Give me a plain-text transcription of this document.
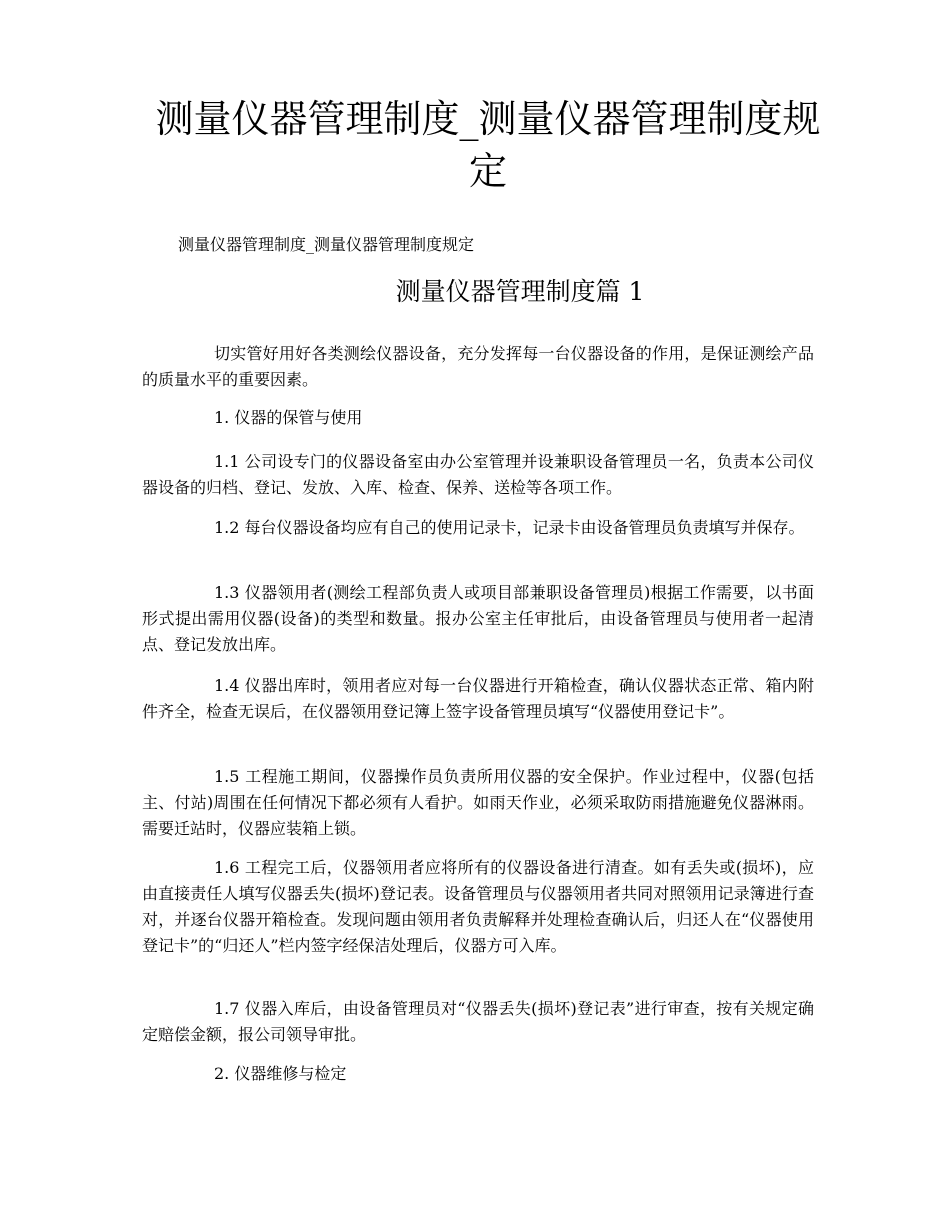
测量仪器管理制度_测量仪器管理制度规定

测量仪器管理制度_测量仪器管理制度规定

测量仪器管理制度篇 1

切实管好用好各类测绘仪器设备，充分发挥每一台仪器设备的作用，是保证测绘产品的质量水平的重要因素。

1. 仪器的保管与使用

1.1 公司设专门的仪器设备室由办公室管理并设兼职设备管理员一名，负责本公司仪器设备的归档、登记、发放、入库、检查、保养、送检等各项工作。

1.2 每台仪器设备均应有自己的使用记录卡，记录卡由设备管理员负责填写并保存。

1.3 仪器领用者(测绘工程部负责人或项目部兼职设备管理员)根据工作需要，以书面形式提出需用仪器(设备)的类型和数量。报办公室主任审批后，由设备管理员与使用者一起清点、登记发放出库。

1.4 仪器出库时，领用者应对每一台仪器进行开箱检查，确认仪器状态正常、箱内附件齐全，检查无误后，在仪器领用登记簿上签字设备管理员填写“仪器使用登记卡”。

1.5 工程施工期间，仪器操作员负责所用仪器的安全保护。作业过程中，仪器(包括主、付站)周围在任何情况下都必须有人看护。如雨天作业，必须采取防雨措施避免仪器淋雨。需要迁站时，仪器应装箱上锁。

1.6 工程完工后，仪器领用者应将所有的仪器设备进行清查。如有丢失或(损坏)，应由直接责任人填写仪器丢失(损坏)登记表。设备管理员与仪器领用者共同对照领用记录簿进行查对，并逐台仪器开箱检查。发现问题由领用者负责解释并处理检查确认后，归还人在“仪器使用登记卡”的“归还人”栏内签字经保洁处理后，仪器方可入库。

1.7 仪器入库后，由设备管理员对“仪器丢失(损坏)登记表”进行审查，按有关规定确定赔偿金额，报公司领导审批。

2. 仪器维修与检定
